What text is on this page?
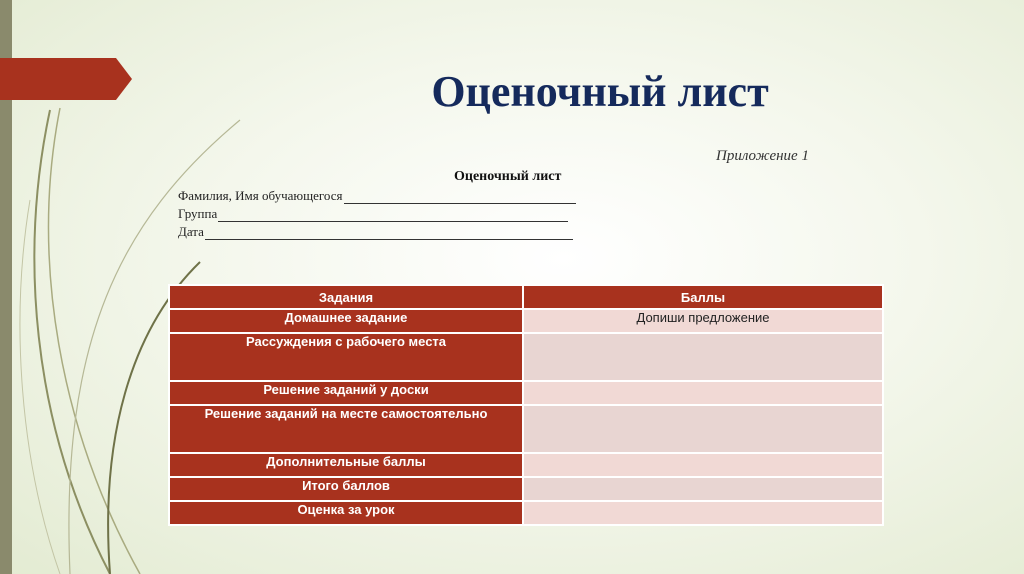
Оценочный лист
Приложение 1
Оценочный лист
Фамилия, Имя обучающегося
Группа
Дата
Задания	Баллы
Домашнее задание	Допиши предложение
Рассуждения с рабочего места	
Решение заданий у доски	
Решение заданий на месте самостоятельно	
Дополнительные баллы	
Итого баллов	
Оценка за урок	
